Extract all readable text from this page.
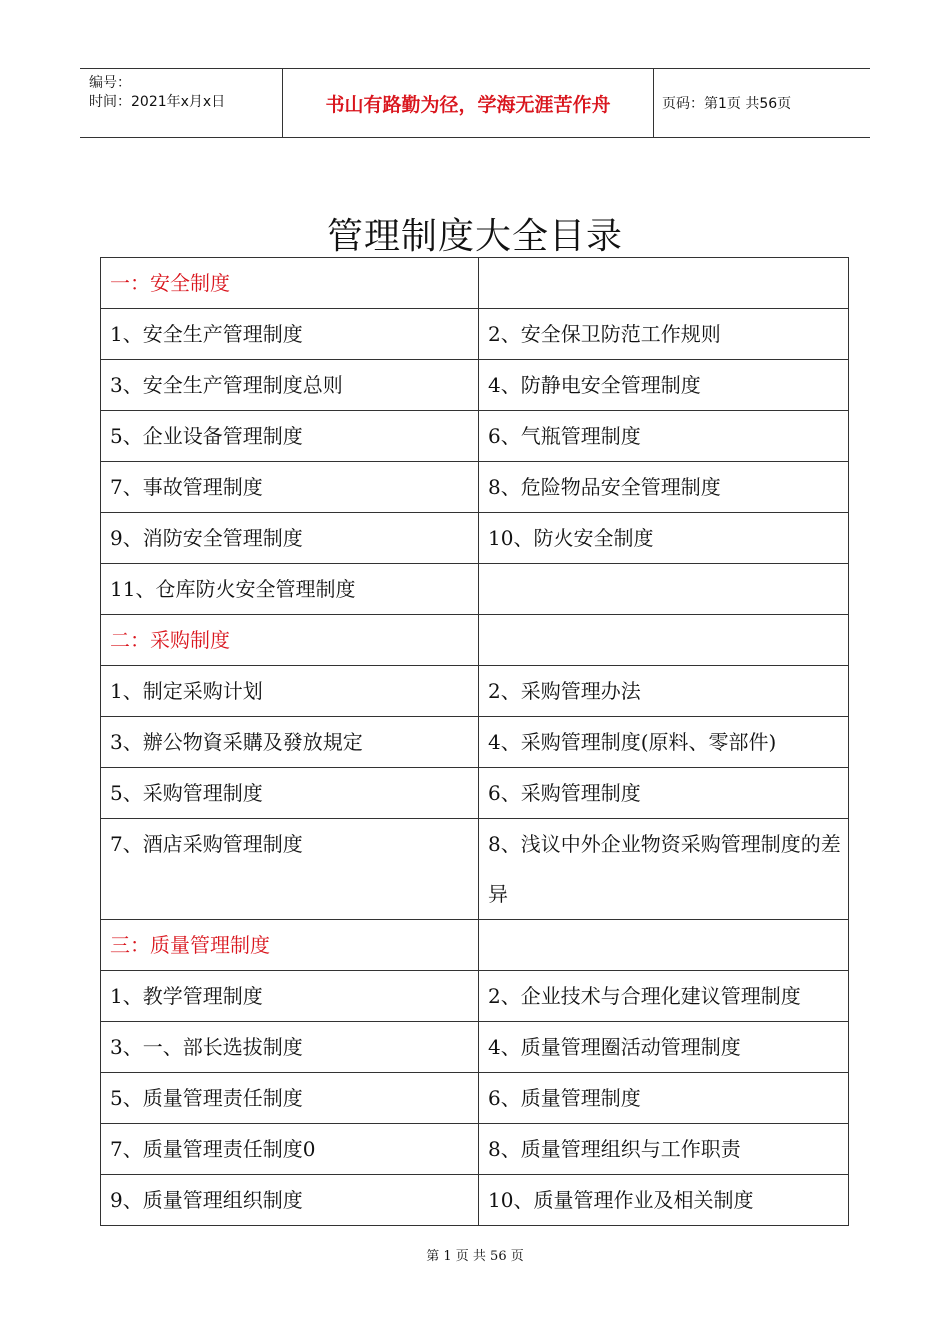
编号：
时间：2021年x月x日	书山有路勤为径，学海无涯苦作舟	页码：第1页 共56页
管理制度大全目录
一：安全制度	
1、安全生产管理制度	2、安全保卫防范工作规则
3、安全生产管理制度总则	4、防静电安全管理制度
5、企业设备管理制度	6、气瓶管理制度
7、事故管理制度	8、危险物品安全管理制度
9、消防安全管理制度	10、防火安全制度
11、仓库防火安全管理制度	
二：采购制度	
1、制定采购计划	2、采购管理办法
3、辦公物資采購及發放規定	4、采购管理制度(原料、零部件)
5、采购管理制度	6、采购管理制度
7、酒店采购管理制度	8、浅议中外企业物资采购管理制度的差异
三：质量管理制度	
1、教学管理制度	2、企业技术与合理化建议管理制度
3、一、部长选拔制度	4、质量管理圈活动管理制度
5、质量管理责任制度	6、质量管理制度
7、质量管理责任制度0	8、质量管理组织与工作职责
9、质量管理组织制度	10、质量管理作业及相关制度
第 1 页 共 56 页
